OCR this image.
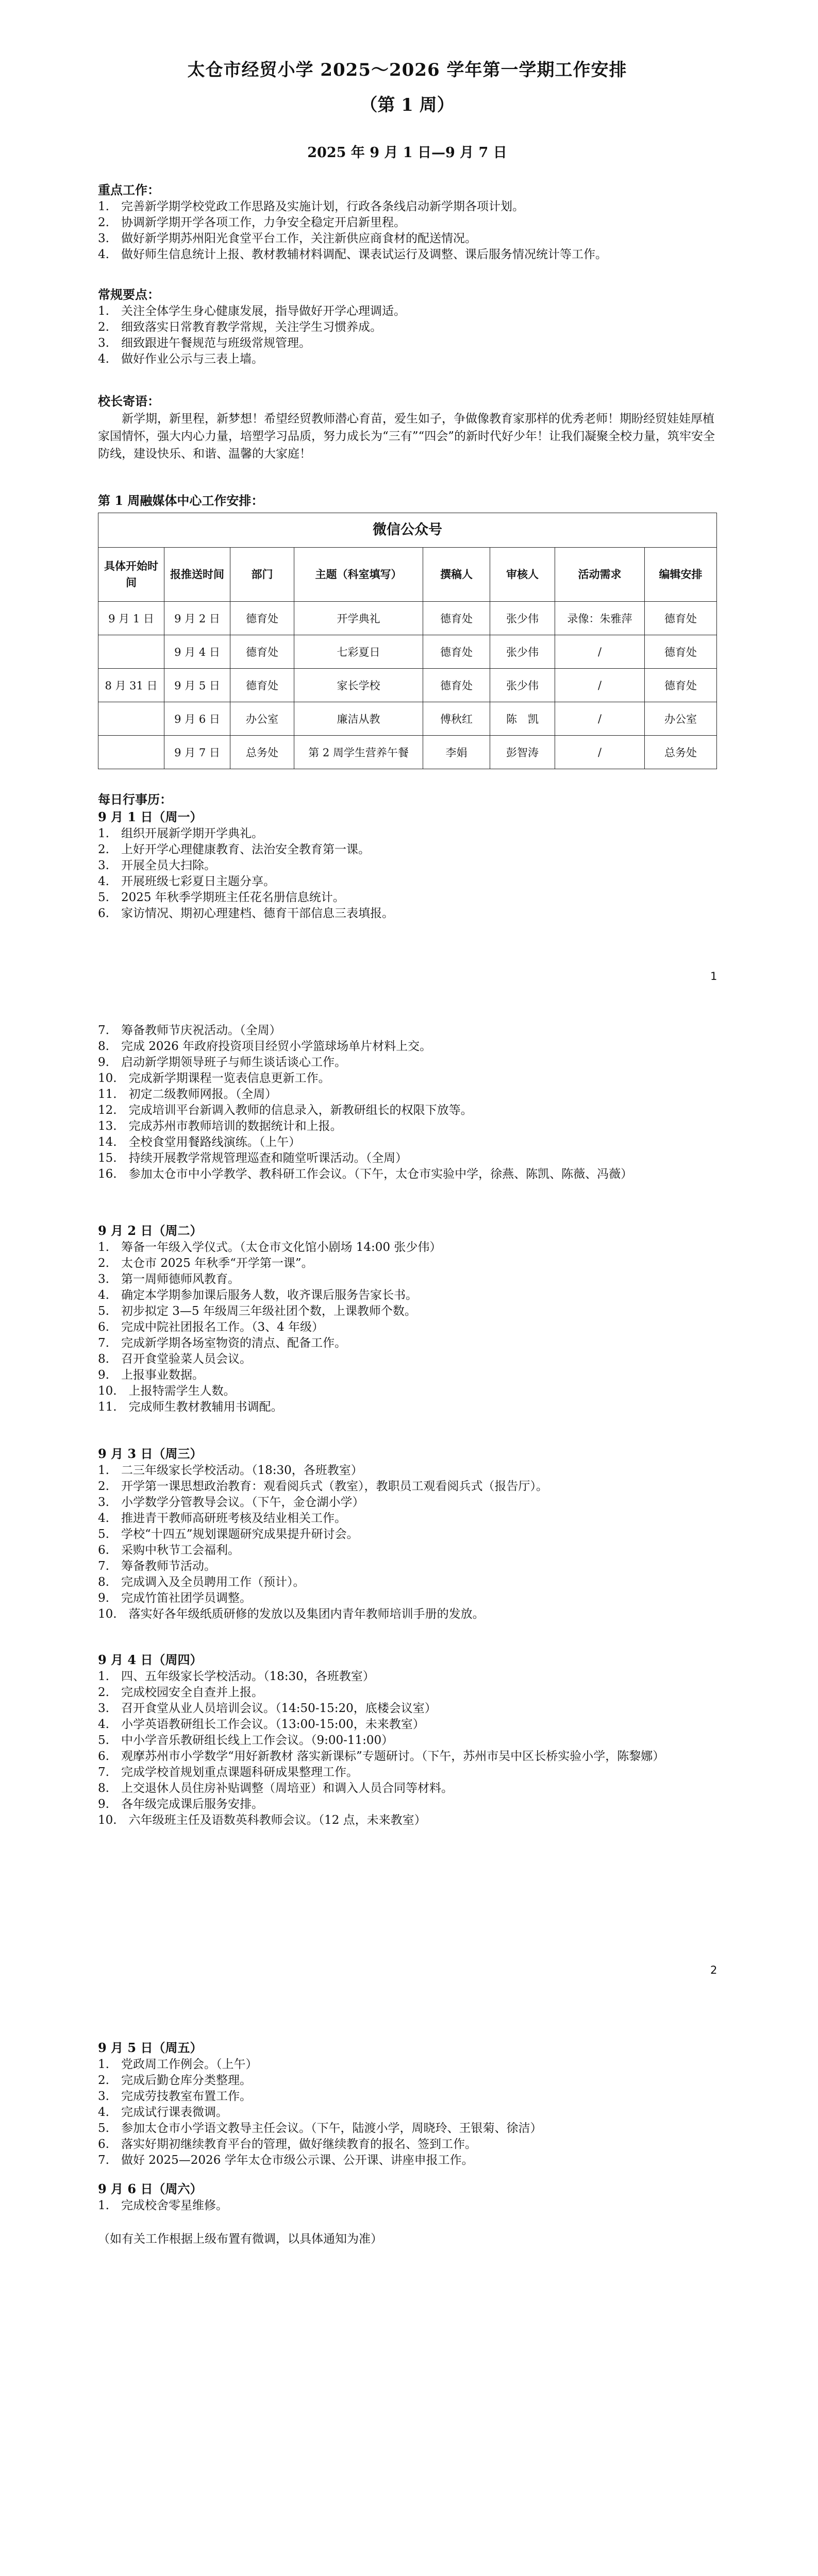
太仓市经贸小学 2025～2026 学年第一学期工作安排
（第 1 周）
2025 年 9 月 1 日—9 月 7 日

重点工作：

1.　完善新学期学校党政工作思路及实施计划，行政各条线启动新学期各项计划。
2.　协调新学期开学各项工作，力争安全稳定开启新里程。
3.　做好新学期苏州阳光食堂平台工作，关注新供应商食材的配送情况。
4.　做好师生信息统计上报、教材教辅材料调配、课表试运行及调整、课后服务情况统计等工作。

常规要点：

1.　关注全体学生身心健康发展，指导做好开学心理调适。
2.　细致落实日常教育教学常规，关注学生习惯养成。
3.　细致跟进午餐规范与班级常规管理。
4.　做好作业公示与三表上墙。

校长寄语：

新学期，新里程，新梦想！希望经贸教师潜心育苗，爱生如子，争做像教育家那样的优秀老师！期盼经贸娃娃厚植家国情怀，强大内心力量，培塑学习品质，努力成长为“三有”“四会”的新时代好少年！让我们凝聚全校力量，筑牢安全防线，建设快乐、和谐、温馨的大家庭！

第 1 周融媒体中心工作安排：

微信公众号							
具体开始时间	报推送时间	部门	主题（科室填写）	撰稿人	审核人	活动需求	编辑安排
9 月 1 日	9 月 2 日	德育处	开学典礼	德育处	张少伟	录像：朱雅萍	德育处
	9 月 4 日	德育处	七彩夏日	德育处	张少伟	/	德育处
8 月 31 日	9 月 5 日	德育处	家长学校	德育处	张少伟	/	德育处
	9 月 6 日	办公室	廉洁从教	傅秋红	陈　凯	/	办公室
	9 月 7 日	总务处	第 2 周学生营养午餐	李娟	彭智涛	/	总务处

每日行事历：

9 月 1 日（周一）

1.　组织开展新学期开学典礼。
2.　上好开学心理健康教育、法治安全教育第一课。
3.　开展全员大扫除。
4.　开展班级七彩夏日主题分享。
5.　2025 年秋季学期班主任花名册信息统计。
6.　家访情况、期初心理建档、德育干部信息三表填报。
1
7.　筹备教师节庆祝活动。（全周）
8.　完成 2026 年政府投资项目经贸小学篮球场单片材料上交。
9.　启动新学期领导班子与师生谈话谈心工作。
10.　完成新学期课程一览表信息更新工作。
11.　初定二级教师网报。（全周）
12.　完成培训平台新调入教师的信息录入，新教研组长的权限下放等。
13.　完成苏州市教师培训的数据统计和上报。
14.　全校食堂用餐路线演练。（上午）
15.　持续开展教学常规管理巡查和随堂听课活动。（全周）
16.　参加太仓市中小学教学、教科研工作会议。（下午，太仓市实验中学，徐燕、陈凯、陈薇、冯薇）

9 月 2 日（周二）

1.　筹备一年级入学仪式。（太仓市文化馆小剧场 14:00 张少伟）
2.　太仓市 2025 年秋季“开学第一课”。
3.　第一周师德师风教育。
4.　确定本学期参加课后服务人数，收齐课后服务告家长书。
5.　初步拟定 3—5 年级周三年级社团个数，上课教师个数。
6.　完成中院社团报名工作。（3、4 年级）
7.　完成新学期各场室物资的清点、配备工作。
8.　召开食堂验菜人员会议。
9.　上报事业数据。
10.　上报特需学生人数。
11.　完成师生教材教辅用书调配。

9 月 3 日（周三）

1.　二三年级家长学校活动。（18:30，各班教室）
2.　开学第一课思想政治教育：观看阅兵式（教室），教职员工观看阅兵式（报告厅）。
3.　小学数学分管教导会议。（下午，金仓湖小学）
4.　推进青干教师高研班考核及结业相关工作。
5.　学校“十四五”规划课题研究成果提升研讨会。
6.　采购中秋节工会福利。
7.　筹备教师节活动。
8.　完成调入及全员聘用工作（预计）。
9.　完成竹笛社团学员调整。
10.　落实好各年级纸质研修的发放以及集团内青年教师培训手册的发放。

9 月 4 日（周四）

1.　四、五年级家长学校活动。（18:30，各班教室）
2.　完成校园安全自查并上报。
3.　召开食堂从业人员培训会议。（14:50-15:20，底楼会议室）
4.　小学英语教研组长工作会议。（13:00-15:00，未来教室）
5.　中小学音乐教研组长线上工作会议。（9:00-11:00）
6.　观摩苏州市小学数学“用好新教材 落实新课标”专题研讨。（下午，苏州市吴中区长桥实验小学，陈黎娜）
7.　完成学校首规划重点课题科研成果整理工作。
8.　上交退休人员住房补贴调整（周培亚）和调入人员合同等材料。
9.　各年级完成课后服务安排。
10.　六年级班主任及语数英科教师会议。（12 点，未来教室）
2

9 月 5 日（周五）

1.　党政周工作例会。（上午）
2.　完成后勤仓库分类整理。
3.　完成劳技教室布置工作。
4.　完成试行课表微调。
5.　参加太仓市小学语文教导主任会议。（下午，陆渡小学，周晓玲、王银菊、徐洁）
6.　落实好期初继续教育平台的管理，做好继续教育的报名、签到工作。
7.　做好 2025—2026 学年太仓市级公示课、公开课、讲座申报工作。

9 月 6 日（周六）

1.　完成校舍零星维修。
（如有关工作根据上级布置有微调，以具体通知为准）
